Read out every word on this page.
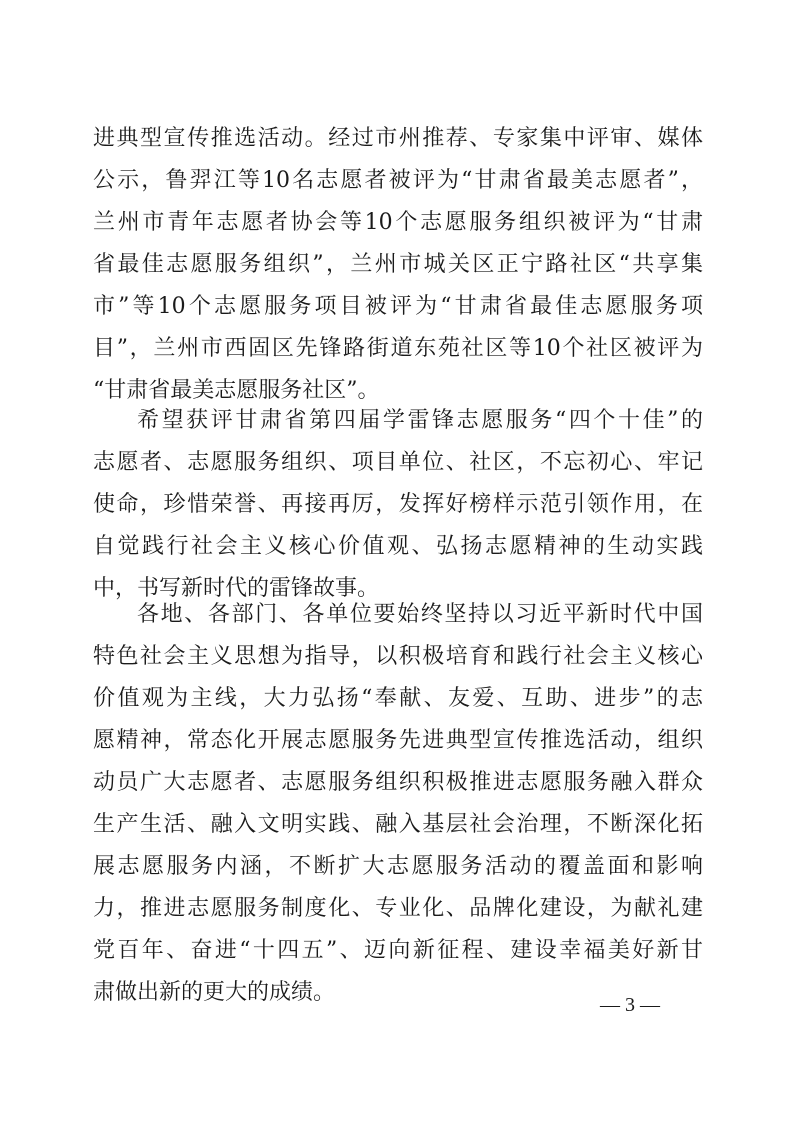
进典型宣传推选活动。经过市州推荐、专家集中评审、媒体
公示，鲁羿江等10名志愿者被评为“甘肃省最美志愿者”，
兰州市青年志愿者协会等10个志愿服务组织被评为“甘肃
省最佳志愿服务组织”，兰州市城关区正宁路社区“共享集
市”等10个志愿服务项目被评为“甘肃省最佳志愿服务项
目”，兰州市西固区先锋路街道东苑社区等10个社区被评为
“甘肃省最美志愿服务社区”。
希望获评甘肃省第四届学雷锋志愿服务“四个十佳”的
志愿者、志愿服务组织、项目单位、社区，不忘初心、牢记
使命，珍惜荣誉、再接再厉，发挥好榜样示范引领作用，在
自觉践行社会主义核心价值观、弘扬志愿精神的生动实践
中，书写新时代的雷锋故事。
各地、各部门、各单位要始终坚持以习近平新时代中国
特色社会主义思想为指导，以积极培育和践行社会主义核心
价值观为主线，大力弘扬“奉献、友爱、互助、进步”的志
愿精神，常态化开展志愿服务先进典型宣传推选活动，组织
动员广大志愿者、志愿服务组织积极推进志愿服务融入群众
生产生活、融入文明实践、融入基层社会治理，不断深化拓
展志愿服务内涵，不断扩大志愿服务活动的覆盖面和影响
力，推进志愿服务制度化、专业化、品牌化建设，为献礼建
党百年、奋进“十四五”、迈向新征程、建设幸福美好新甘
肃做出新的更大的成绩。	— 3 —
